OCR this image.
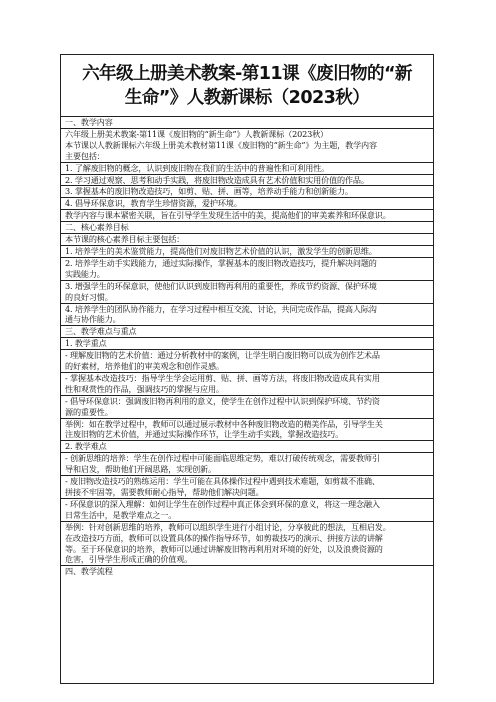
六年级上册美术教案-第11课《废旧物的“新
生命”》人教新课标（2023秋）
一、教学内容
六年级上册美术教案-第11课《废旧物的“新生命”》人教新课标（2023秋）
本节课以人教新课标六年级上册美术教材第11课《废旧物的“新生命”》为主题，教学内容
主要包括：
1. 了解废旧物的概念，认识到废旧物在我们的生活中的普遍性和可利用性。
2. 学习通过观察、思考和动手实践，将废旧物改造成具有艺术价值和实用价值的作品。
3. 掌握基本的废旧物改造技巧，如剪、贴、拼、画等，培养动手能力和创新能力。
4. 倡导环保意识，教育学生珍惜资源，爱护环境。
教学内容与课本紧密关联，旨在引导学生发现生活中的美，提高他们的审美素养和环保意识。
二、核心素养目标
本节课的核心素养目标主要包括：
1. 培养学生的美术鉴赏能力，提高他们对废旧物艺术价值的认识，激发学生的创新思维。
2. 培养学生动手实践能力，通过实际操作，掌握基本的废旧物改造技巧，提升解决问题的
实践能力。
3. 增强学生的环保意识，使他们认识到废旧物再利用的重要性，养成节约资源、保护环境
的良好习惯。
4. 培养学生的团队协作能力，在学习过程中相互交流、讨论，共同完成作品，提高人际沟
通与协作能力。
三、教学难点与重点
1. 教学重点
- 理解废旧物的艺术价值：通过分析教材中的案例，让学生明白废旧物可以成为创作艺术品
的好素材，培养他们的审美观念和创作灵感。
- 掌握基本改造技巧：指导学生学会运用剪、贴、拼、画等方法，将废旧物改造成具有实用
性和观赏性的作品，强调技巧的掌握与应用。
- 倡导环保意识：强调废旧物再利用的意义，使学生在创作过程中认识到保护环境、节约资
源的重要性。
举例：如在教学过程中，教师可以通过展示教材中各种废旧物改造的精美作品，引导学生关
注废旧物的艺术价值，并通过实际操作环节，让学生动手实践，掌握改造技巧。
2. 教学难点
- 创新思维的培养：学生在创作过程中可能面临思维定势，难以打破传统观念，需要教师引
导和启发，帮助他们开阔思路，实现创新。
- 废旧物改造技巧的熟练运用：学生可能在具体操作过程中遇到技术难题，如剪裁不准确、
拼接不牢固等，需要教师耐心指导，帮助他们解决问题。
- 环保意识的深入理解：如何让学生在创作过程中真正体会到环保的意义，将这一理念融入
日常生活中，是教学难点之一。
举例：针对创新思维的培养，教师可以组织学生进行小组讨论，分享彼此的想法，互相启发。
在改造技巧方面，教师可以设置具体的操作指导环节，如剪裁技巧的演示、拼接方法的讲解
等。至于环保意识的培养，教师可以通过讲解废旧物再利用对环境的好处，以及浪费资源的
危害，引导学生形成正确的价值观。
四、教学流程
